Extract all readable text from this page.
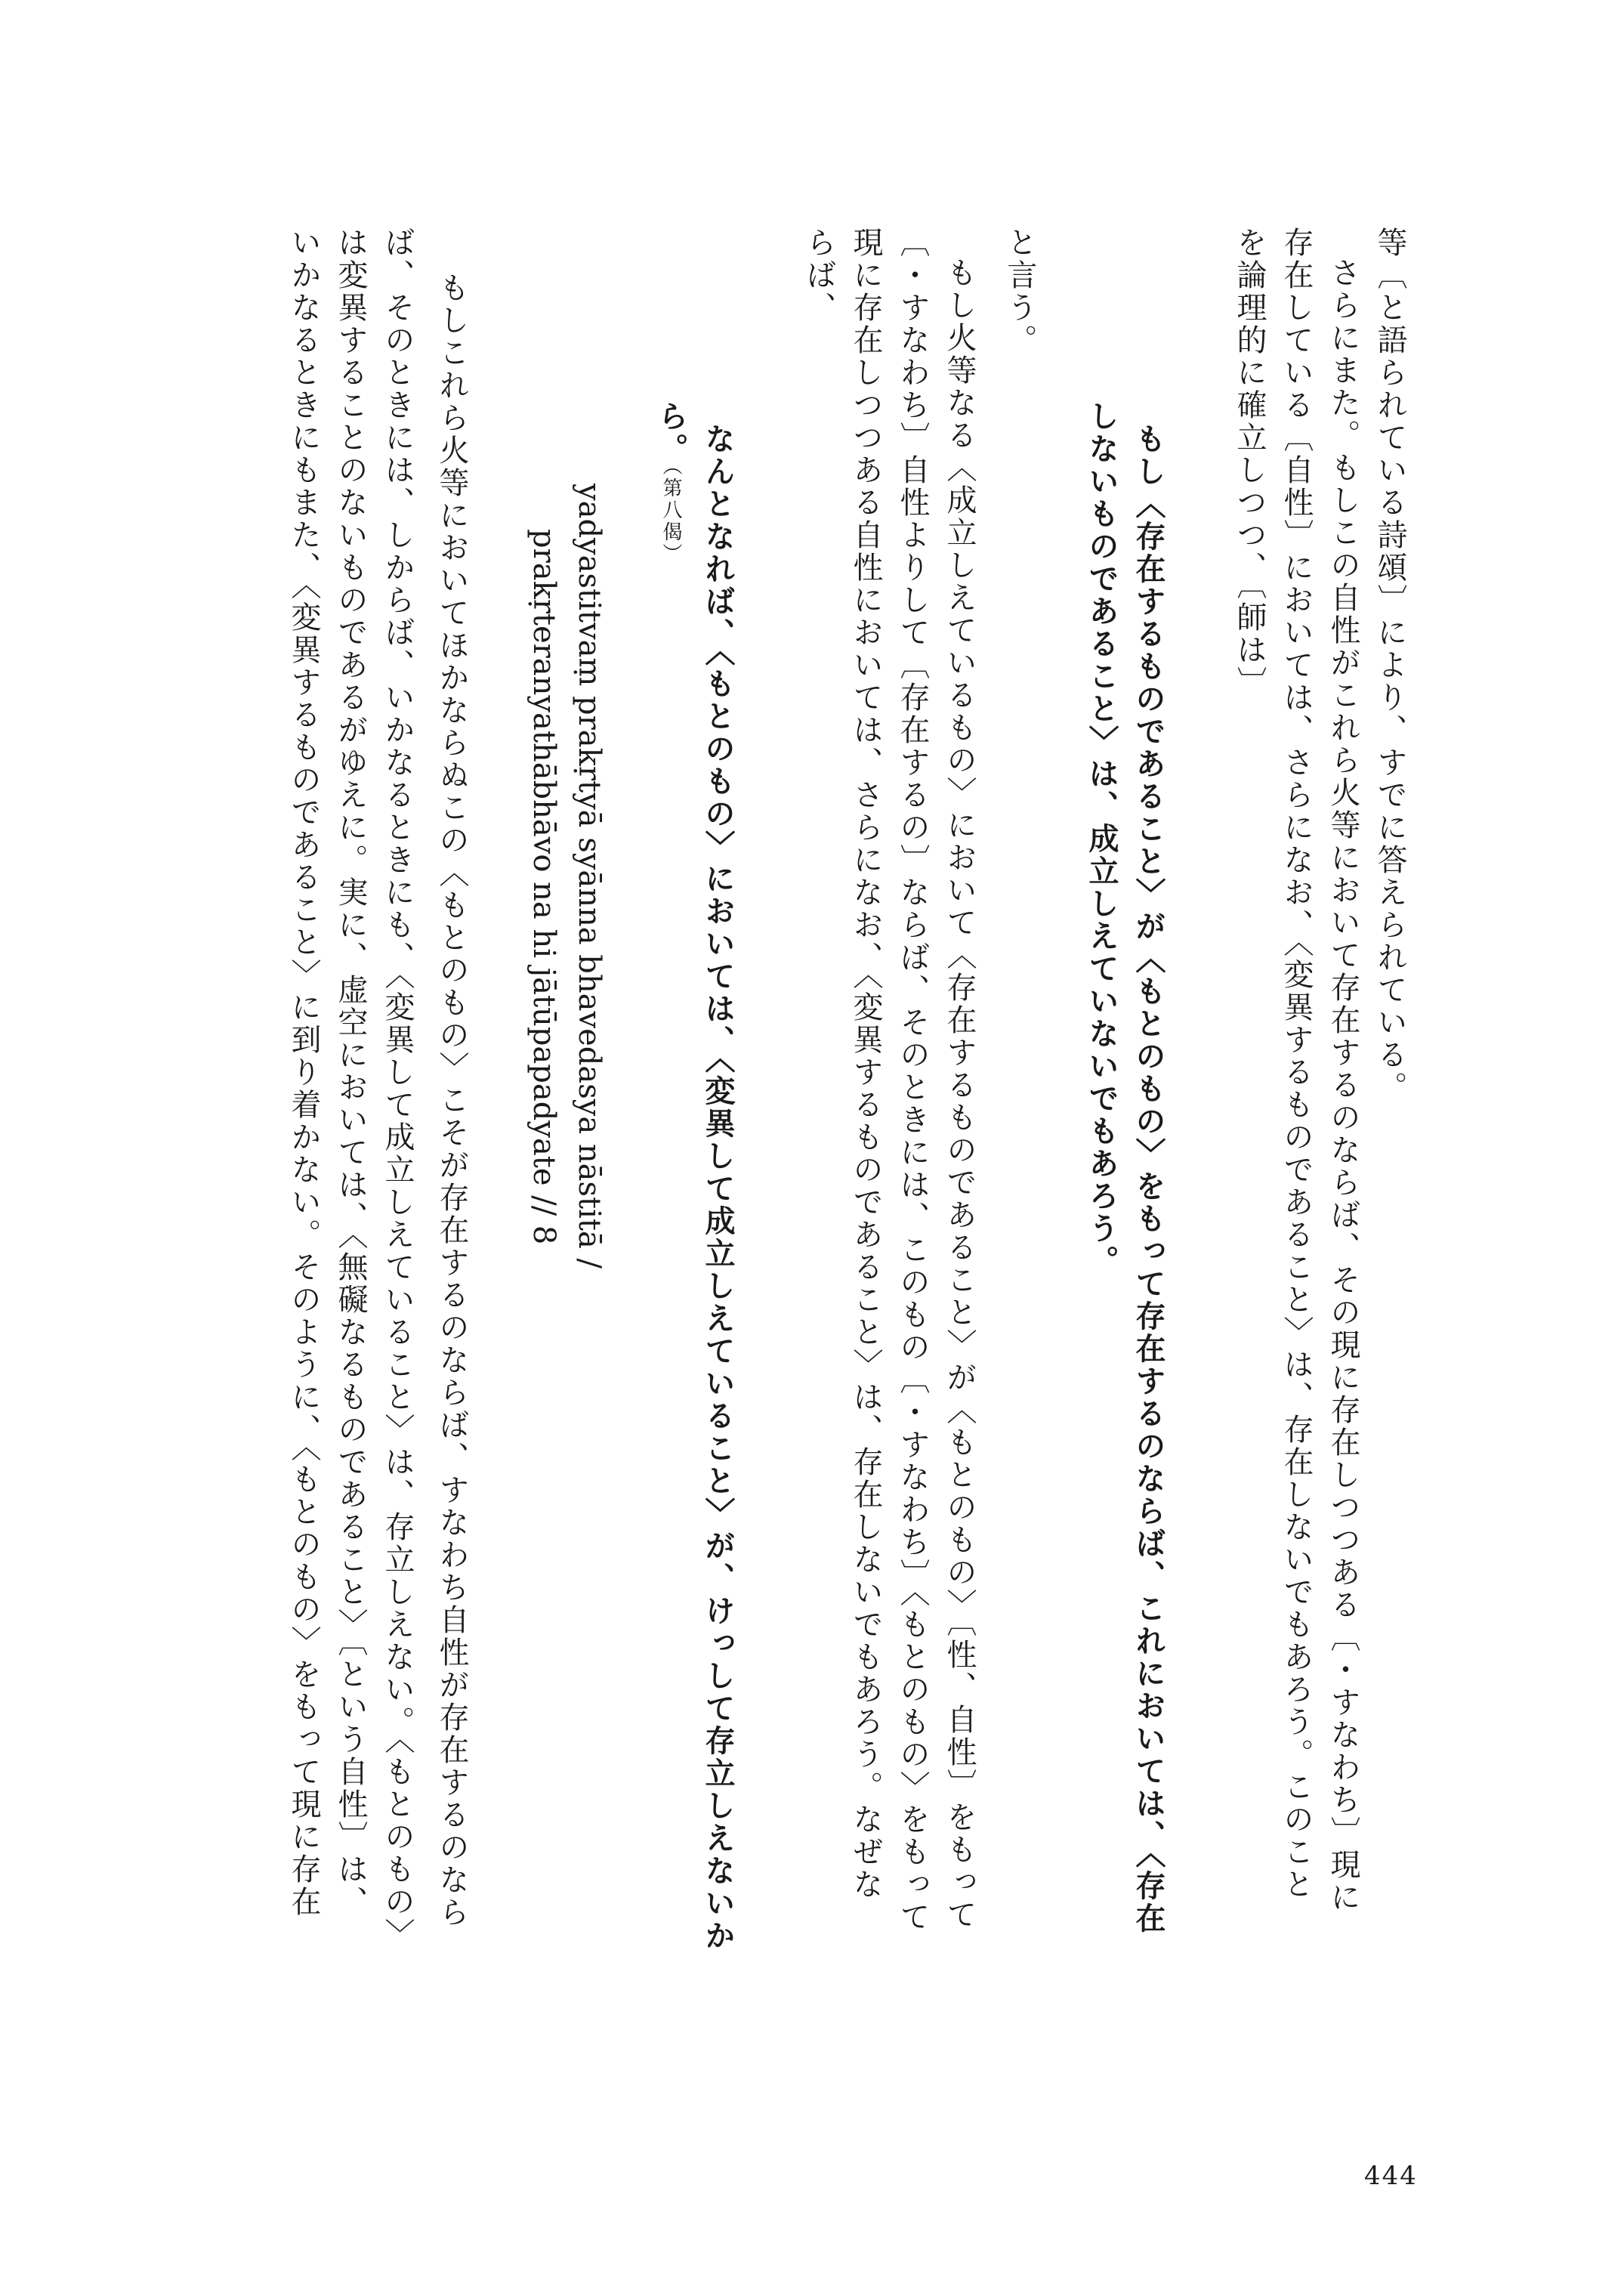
等〔と語られている詩頌〕により、すでに答えられている。
さらにまた。もしこの自性がこれら火等において存在するのならば、その現に存在しつつある〔・すなわち〕現に
存在している〔自性〕においては、さらになお、〈変異するものであること〉は、存在しないでもあろう。このこと
を論理的に確立しつつ、〔師は〕
もし〈存在するものであること〉が〈もとのもの〉をもって存在するのならば、これにおいては、〈存在
しないものであること〉は、成立しえていないでもあろう。
と言う。
もし火等なる〈成立しえているもの〉において〈存在するものであること〉が〈もとのもの〉〔性、自性〕をもって
〔・すなわち〕自性よりして〔存在するの〕ならば、そのときには、このもの〔・すなわち〕〈もとのもの〉をもって
現に存在しつつある自性においては、さらになお、〈変異するものであること〉は、存在しないでもあろう。なぜな
らば、
なんとなれば、〈もとのもの〉においては、〈変異して成立しえていること〉が、けっして存立しえないか
ら。（第八偈）
yadyastitvaṃ prakṛtyā syānna bhavedasya nāstitā /
prakṛteranyathābhāvo na hi jātūpapadyate // 8
もしこれら火等においてほかならぬこの〈もとのもの〉こそが存在するのならば、すなわち自性が存在するのなら
ば、そのときには、しからば、いかなるときにも、〈変異して成立しえていること〉は、存立しえない。〈もとのもの〉
は変異することのないものであるがゆえに。実に、虚空においては、〈無礙なるものであること〉〔という自性〕は、
いかなるときにもまた、〈変異するものであること〉に到り着かない。そのように、〈もとのもの〉をもって現に存在
444
